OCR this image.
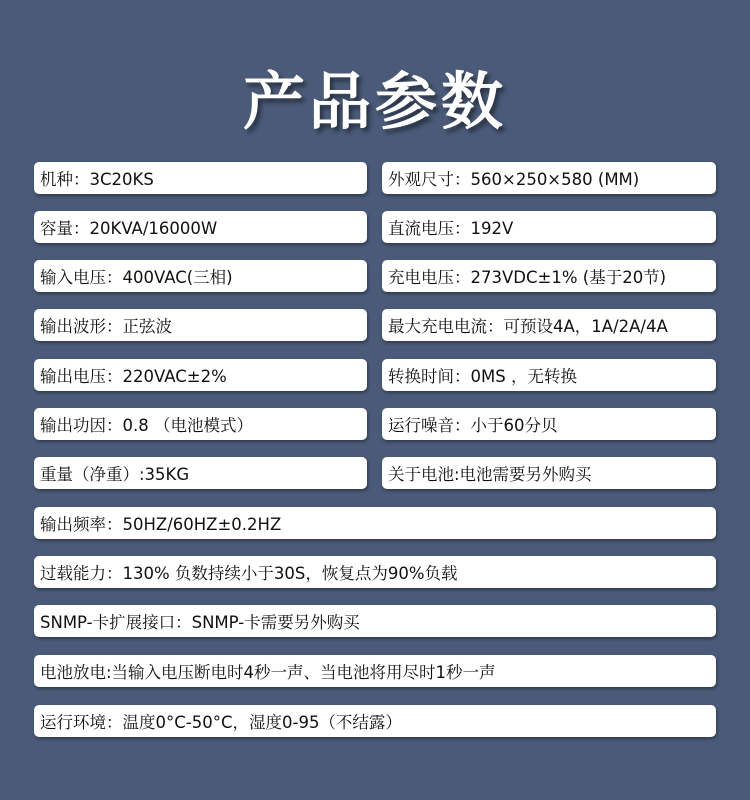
产品参数
机种：3C20KS	外观尺寸：560×250×580 (MM)
容量：20KVA/16000W	直流电压：192V
输入电压：400VAC(三相)	充电电压：273VDC±1% (基于20节)
输出波形：正弦波	最大充电电流：可预设4A，1A/2A/4A
输出电压：220VAC±2%	转换时间：0MS ，无转换
输出功因：0.8 （电池模式）	运行噪音：小于60分贝
重量（净重）:35KG	关于电池:电池需要另外购买
输出频率：50HZ/60HZ±0.2HZ
过载能力：130% 负数持续小于30S，恢复点为90%负载
SNMP-卡扩展接口：SNMP-卡需要另外购买
电池放电:当输入电压断电时4秒一声、当电池将用尽时1秒一声
运行环境：温度0°C-50°C，湿度0-95（不结露）
